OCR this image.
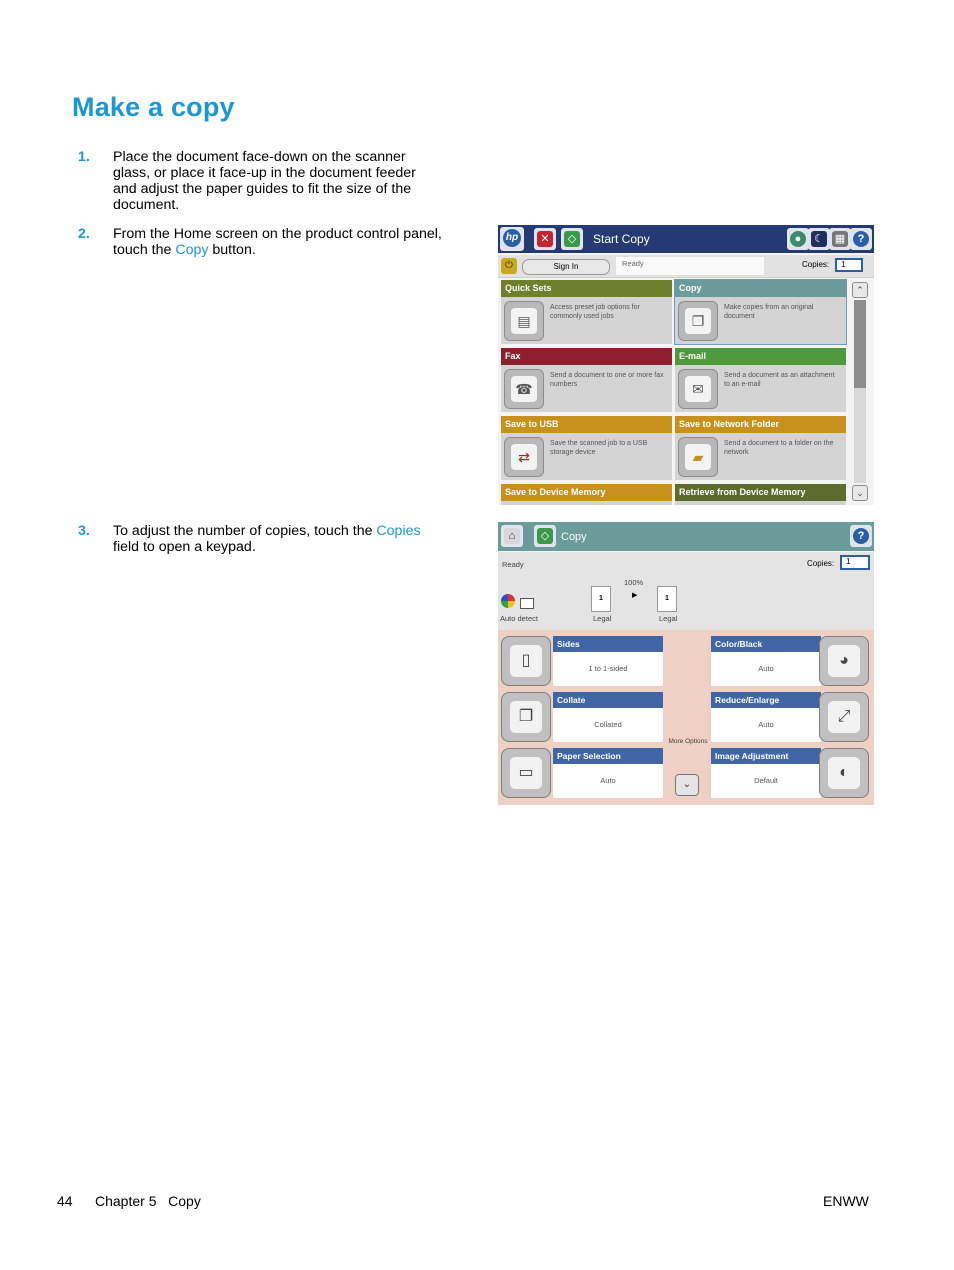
Make a copy
1. Place the document face-down on the scanner glass, or place it face-up in the document feeder and adjust the paper guides to fit the size of the document.
2. From the Home screen on the product control panel, touch the Copy button.
3. To adjust the number of copies, touch the Copies field to open a keypad.
hp	✕	◇	Start Copy	●	☾ ▦	?
⏻	Sign In	Ready	Copies: 1
Quick Sets
▤
Access preset job options for commonly used jobs
Copy
❐
Make copies from an original document
Fax
☎
Send a document to one or more fax numbers
E-mail
✉
Send a document as an attachment to an e-mail
Save to USB
⇄
Save the scanned job to a USB storage device
Save to Network Folder
▰
Send a document to a folder on the network
Save to Device Memory	Retrieve from Device Memory
⌃
⌄
⌂	◇	Copy	?
Ready	Copies: 1
Auto detect
1
Legal
100%
▶	1
Legal
▯
Sides
1 to 1-sided
❐
Collate
Collated
▭
Paper Selection
Auto
Color/Black
Auto	◕
Reduce/Enlarge
Auto	⤢
Image Adjustment
Default	◐
More Options
⌄
44 Chapter 5   Copy	ENWW
